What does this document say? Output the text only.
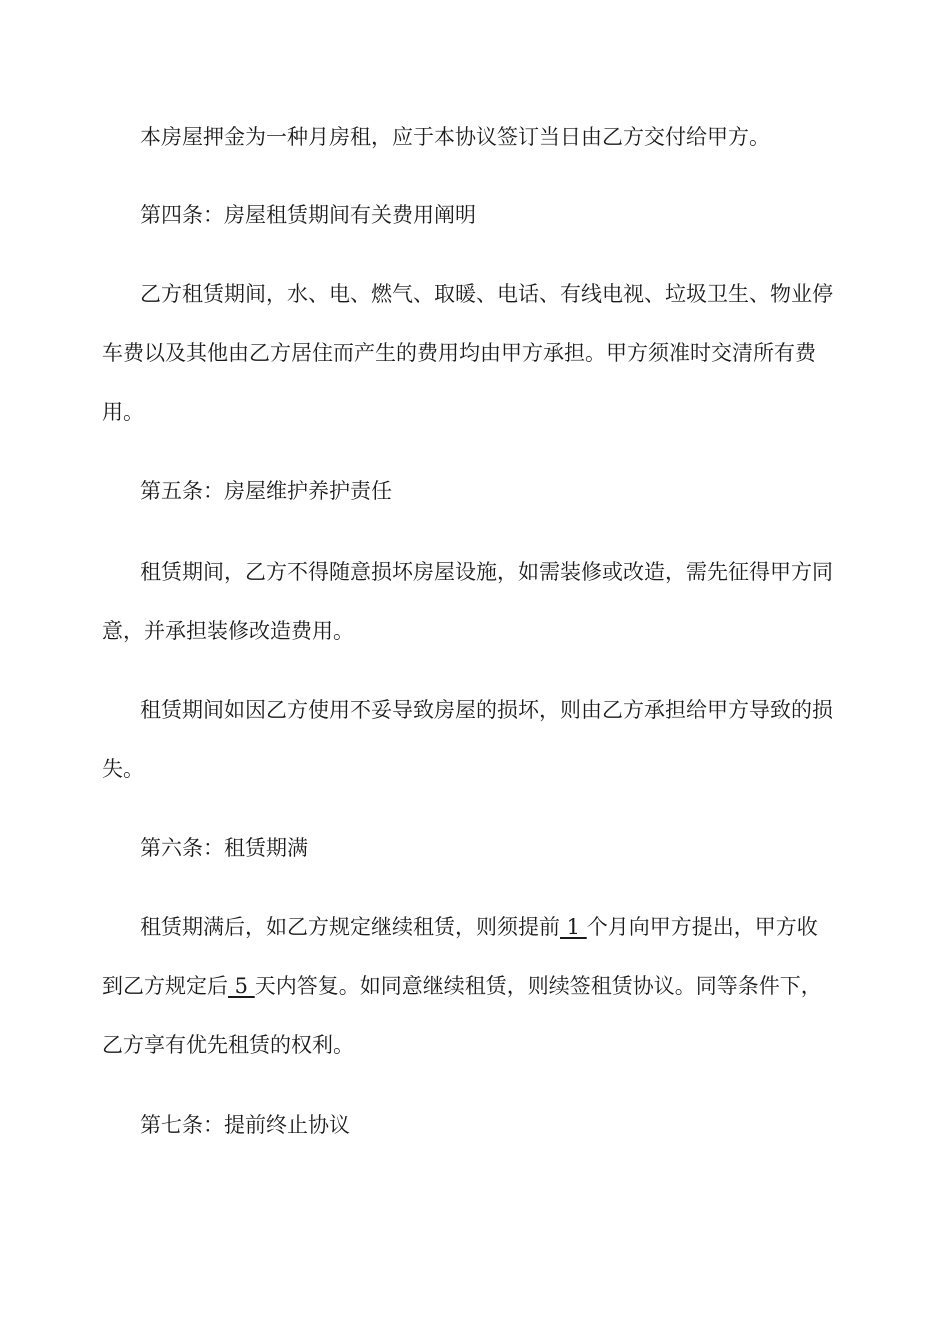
本房屋押金为一种月房租，应于本协议签订当日由乙方交付给甲方。

第四条：房屋租赁期间有关费用阐明

乙方租赁期间，水、电、燃气、取暖、电话、有线电视、垃圾卫生、物业停车费以及其他由乙方居住而产生的费用均由甲方承担。甲方须准时交清所有费用。

第五条：房屋维护养护责任

租赁期间，乙方不得随意损坏房屋设施，如需装修或改造，需先征得甲方同意，并承担装修改造费用。

租赁期间如因乙方使用不妥导致房屋的损坏，则由乙方承担给甲方导致的损失。

第六条：租赁期满

租赁期满后，如乙方规定继续租赁，则须提前 1 个月向甲方提出，甲方收到乙方规定后 5 天内答复。如同意继续租赁，则续签租赁协议。同等条件下，乙方享有优先租赁的权利。

第七条：提前终止协议
